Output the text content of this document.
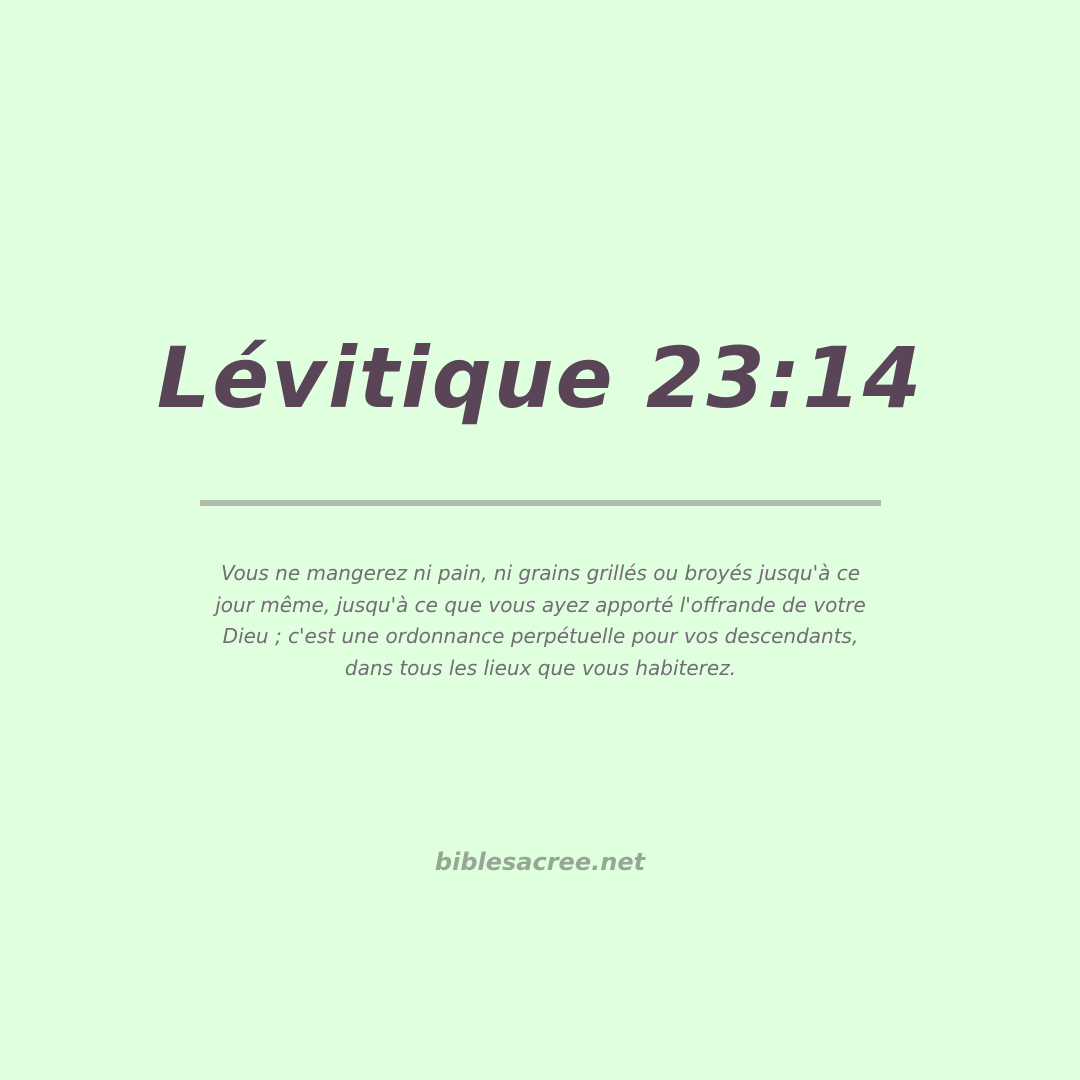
Lévitique 23:14
Vous ne mangerez ni pain, ni grains grillés ou broyés jusqu'à ce jour même, jusqu'à ce que vous ayez apporté l'offrande de votre Dieu ; c'est une ordonnance perpétuelle pour vos descendants, dans tous les lieux que vous habiterez.
biblesacree.net
